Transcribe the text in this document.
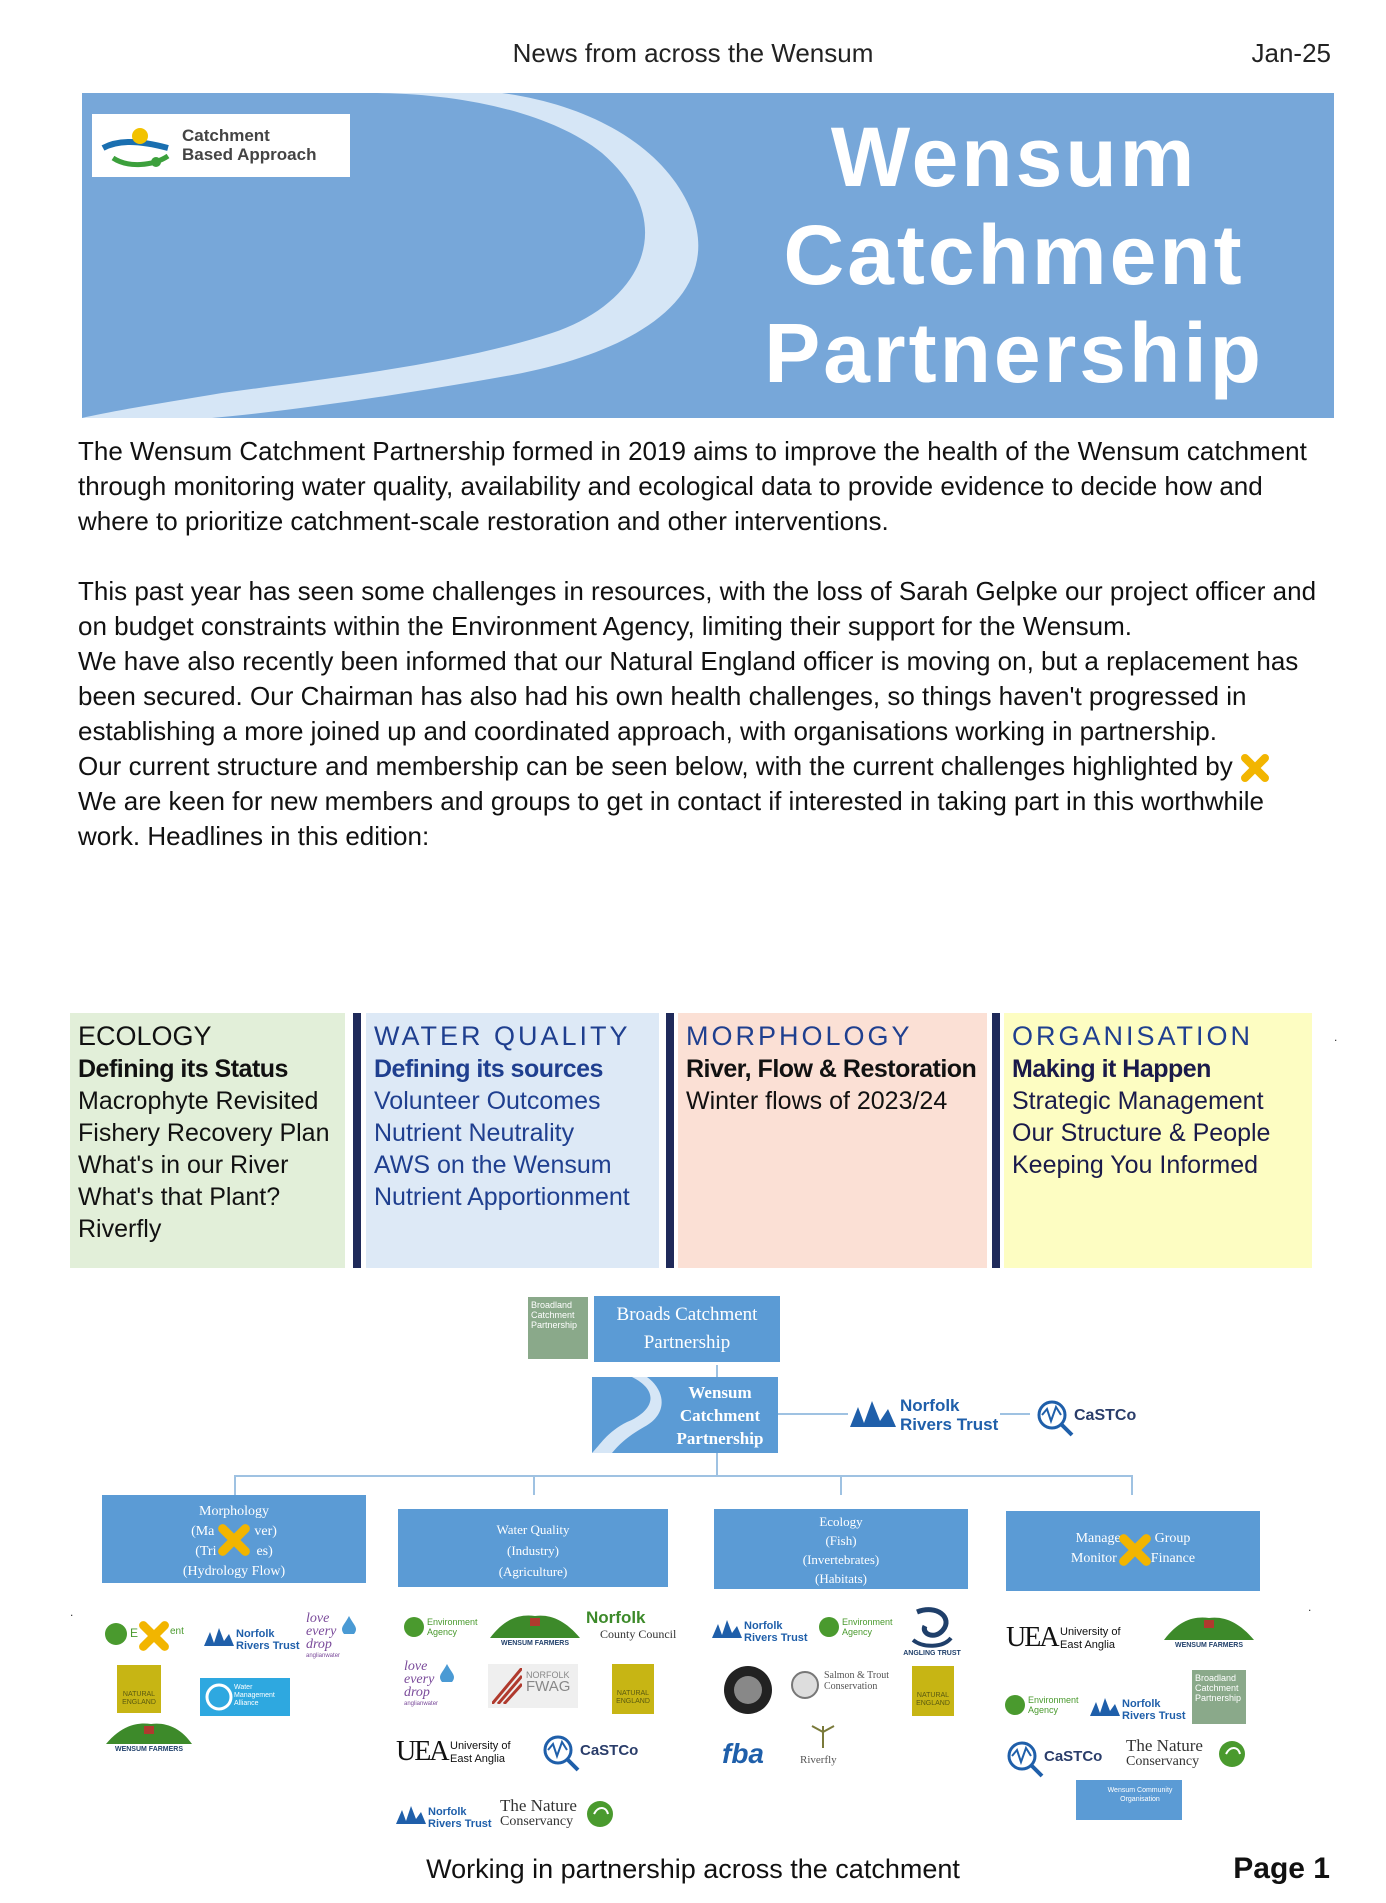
News from across the Wensum	Jan-25
Catchment
Based Approach	Wensum
Catchment
Partnership
The Wensum Catchment Partnership formed in 2019 aims to improve the health of the Wensum catchment through monitoring water quality, availability and ecological data to provide evidence to decide how and where to prioritize catchment-scale restoration and other interventions.
This past year has seen some challenges in resources, with the loss of Sarah Gelpke our project officer and on budget constraints within the Environment Agency, limiting their support for the Wensum.
We have also recently been informed that our Natural England officer is moving on, but a replacement has been secured. Our Chairman has also had his own health challenges, so things haven't progressed in establishing a more joined up and coordinated approach, with organisations working in partnership.
Our current structure and membership can be seen below, with the current challenges highlighted by
We are keen for new members and groups to get in contact if interested in taking part in this worthwhile work. Headlines in this edition:
ECOLOGY
Defining its Status
Macrophyte Revisited
Fishery Recovery Plan
What's in our River
What's that Plant?
Riverfly
WATER QUALITY
Defining its sources
Volunteer Outcomes
Nutrient Neutrality
AWS on the Wensum
Nutrient Apportionment
MORPHOLOGY
River, Flow & Restoration
Winter flows of 2023/24
ORGANISATION
Making it Happen
Strategic Management
Our Structure & People
Keeping You Informed
.
Broadland Catchment Partnership	Broads Catchment Partnership
Wensum
Catchment
Partnership
Norfolk
Rivers Trust	CaSTCo
Morphology
(Ma	ver)
(Tri	es)
(Hydrology Flow)
Water Quality
(Industry)
(Agriculture)
Ecology
(Fish)
(Invertebrates)
(Habitats)
Manage Group
Monitor Finance
.	.
E	ent	Norfolk Rivers Trust
love
every
drop
anglianwater
NATURAL ENGLAND
Water Management Alliance
WENSUM FARMERS
Environment Agency
WENSUM FARMERS
Norfolk
County Council
love
every
drop
anglianwater
NORFOLK
FWAG	NATURAL ENGLAND
UEA University of
East Anglia	CaSTCo
Norfolk Rivers Trust
The Nature
Conservancy
Norfolk Rivers Trust
Environment Agency
ANGLING TRUST
Salmon & Trout
Conservation
NATURAL ENGLAND
fba	Riverfly
UEA University of
East Anglia	WENSUM FARMERS
Environment Agency	Norfolk Rivers Trust
Broadland Catchment Partnership
CaSTCo
The Nature
Conservancy
Wensum Community Organisation
Working in partnership across the catchment	Page 1
